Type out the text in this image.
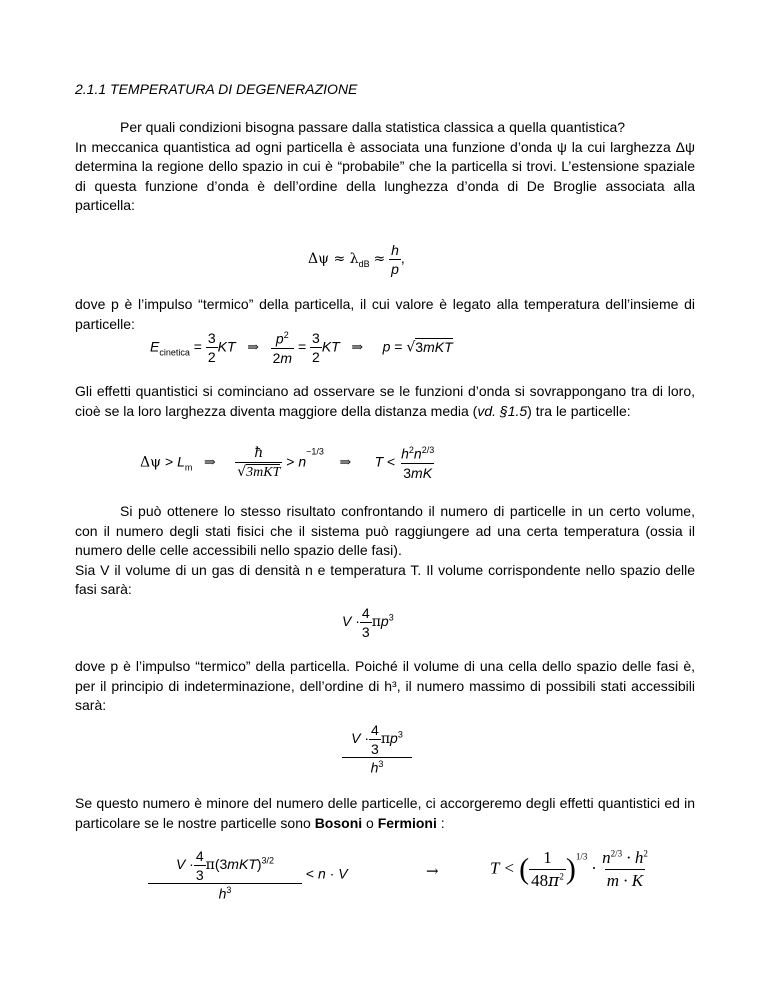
2.1.1 TEMPERATURA DI DEGENERAZIONE

Per quali condizioni bisogna passare dalla statistica classica a quella quantistica?

In meccanica quantistica ad ogni particella è associata una funzione d’onda ψ la cui larghezza Δψ determina la regione dello spazio in cui è “probabile” che la particella si trovi. L’estensione spaziale di questa funzione d’onda è dell’ordine della lunghezza d’onda di De Broglie associata alla particella:

$\Delta\psi \approx \lambda_{dB} \approx \frac{h}{p}$ ,

dove p è l’impulso “termico” della particella, il cui valore è legato alla temperatura dell’insieme di particelle:

$E_{cinetica} = \frac{3}{2}$ KT ⇒ $\frac{p^2}{2m} = \frac{3}{2}$ KT ⇒ p = √3mKT

Gli effetti quantistici si cominciano ad osservare se le funzioni d’onda si sovrappongano tra di loro, cioè se la loro larghezza diventa maggiore della distanza media (vd. §1.5) tra le particelle:

$\Delta\psi > L_m$ ⇒ $\frac{ħ}{\text{√3mKT}} > n^{-1/3}$    ⇒ $T < \frac{h^2n^{2/3}}{3mK}$

Si può ottenere lo stesso risultato confrontando il numero di particelle in un certo volume, con il numero degli stati fisici che il sistema può raggiungere ad una certa temperatura (ossia il numero delle celle accessibili nello spazio delle fasi).

Sia V il volume di un gas di densità n e temperatura T. Il volume corrispondente nello spazio delle fasi sarà:

$V \cdot \frac{4}{3} \pi p^3$

dove p è l’impulso “termico” della particella. Poiché il volume di una cella dello spazio delle fasi è, per il principio di indeterminazione, dell’ordine di h³, il numero massimo di possibili stati accessibili sarà:

$\frac{V \cdot \frac{4}{3} \pi p^3}{h^3}$

Se questo numero è minore del numero delle particelle, ci accorgeremo degli effetti quantistici ed in particolare se le nostre particelle sono Bosoni o Fermioni :

$\frac{V \cdot \frac{4}{3} \pi(3mKT)^{3/2}}{h^3} < n \cdot V$	→	T < ( $\frac{1}{48\pi^2} )^{1/3} \cdot \frac{n^{2/3} \cdot h^2}{m \cdot K}$
